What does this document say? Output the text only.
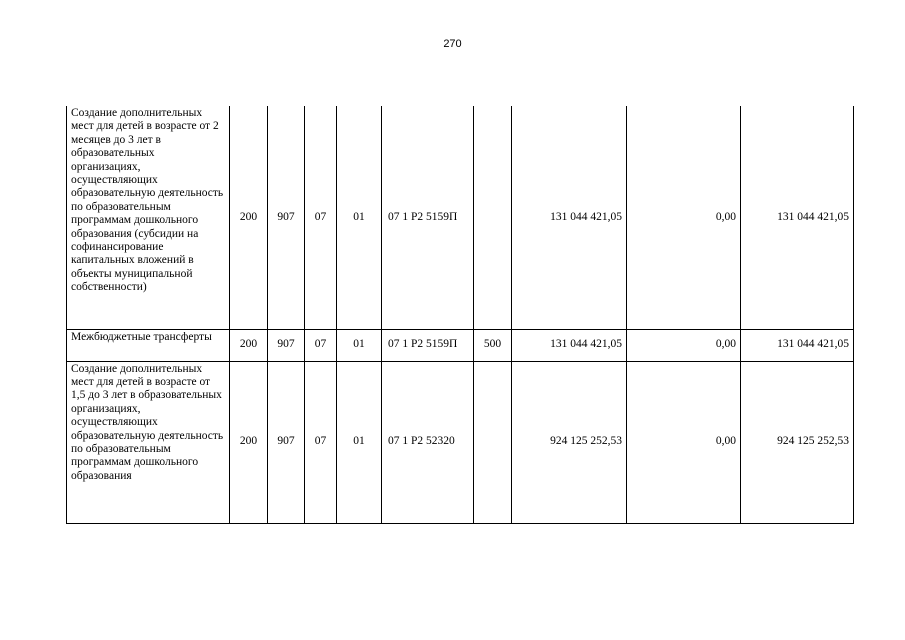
270
Создание дополнительных мест для детей в возрасте от 2 месяцев до 3 лет в образовательных организациях, осуществляющих образовательную деятельность по образовательным программам дошкольного образования (субсидии на софинансирование капитальных вложений в объекты муниципальной собственности)	200	907	07	01	07 1 Р2 5159П		131 044 421,05	0,00	131 044 421,05
Межбюджетные трансферты	200	907	07	01	07 1 Р2 5159П	500	131 044 421,05	0,00	131 044 421,05
Создание дополнительных мест для детей в возрасте от 1,5 до 3 лет в образовательных организациях, осуществляющих образовательную деятельность по образовательным программам дошкольного образования	200	907	07	01	07 1 Р2 52320		924 125 252,53	0,00	924 125 252,53
